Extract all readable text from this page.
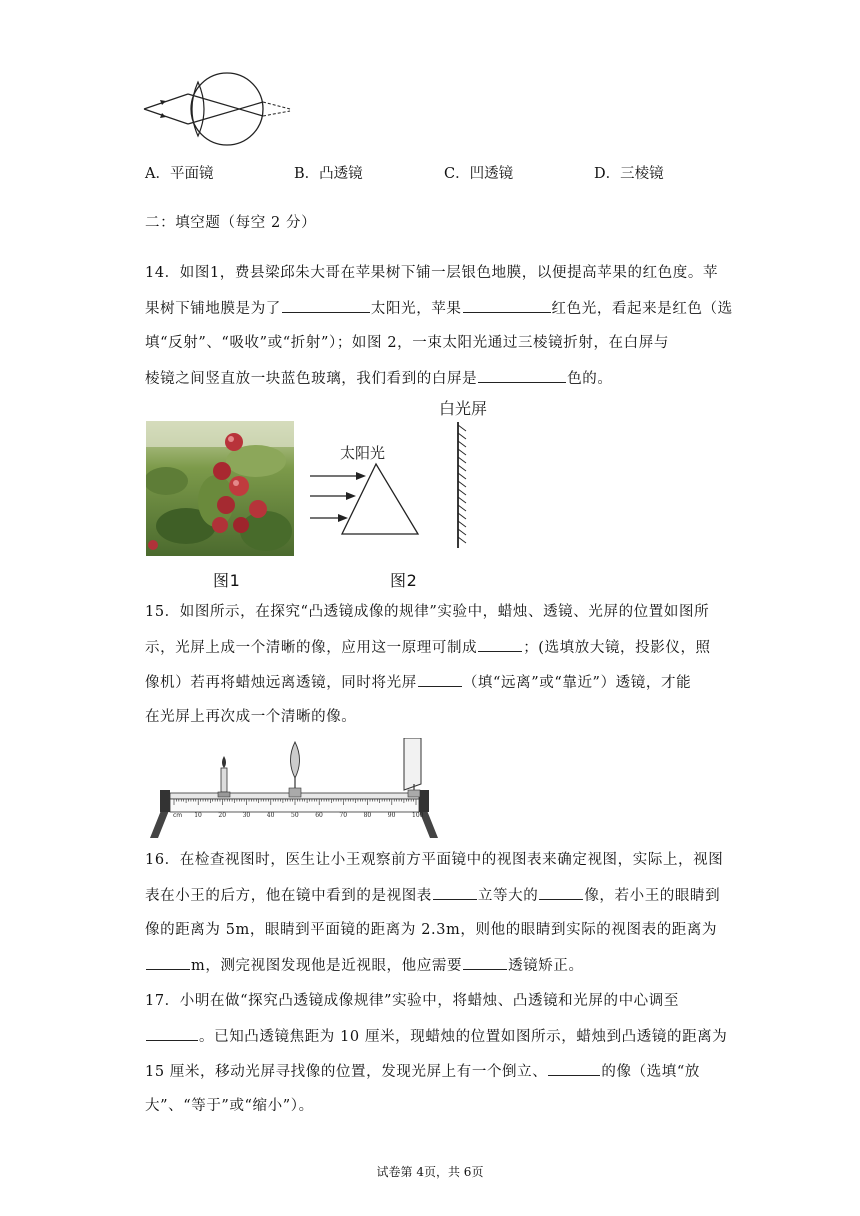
A．平面镜	B．凸透镜	C．凹透镜	D．三棱镜
二：填空题（每空 2 分）
14．如图1，费县梁邱朱大哥在苹果树下铺一层银色地膜，以便提高苹果的红色度。苹
果树下铺地膜是为了	太阳光，苹果	红色光，看起来是红色（选
填“反射”、“吸收”或“折射”）；如图 2，一束太阳光通过三棱镜折射，在白屏与
棱镜之间竖直放一块蓝色玻璃，我们看到的白屏是	色的。
白光屏
太阳光
图1	图2
15．如图所示，在探究“凸透镜成像的规律”实验中，蜡烛、透镜、光屏的位置如图所
示，光屏上成一个清晰的像，应用这一原理可制成	；(选填放大镜，投影仪，照
像机）若再将蜡烛远离透镜，同时将光屏	（填“远离”或“靠近”）透镜，才能
在光屏上再次成一个清晰的像。
cm 10	20	30	40	50	60	70	80	90	100
16．在检查视图时，医生让小王观察前方平面镜中的视图表来确定视图，实际上，视图
表在小王的后方，他在镜中看到的是视图表	立等大的	像，若小王的眼睛到
像的距离为 5m，眼睛到平面镜的距离为 2.3m，则他的眼睛到实际的视图表的距离为
m，测完视图发现他是近视眼，他应需要	透镜矫正。
17．小明在做“探究凸透镜成像规律”实验中，将蜡烛、凸透镜和光屏的中心调至
。已知凸透镜焦距为 10 厘米，现蜡烛的位置如图所示，蜡烛到凸透镜的距离为
15 厘米，移动光屏寻找像的位置，发现光屏上有一个倒立、	的像（选填“放
大”、“等于”或“缩小”）。
试卷第 4页，共 6页
